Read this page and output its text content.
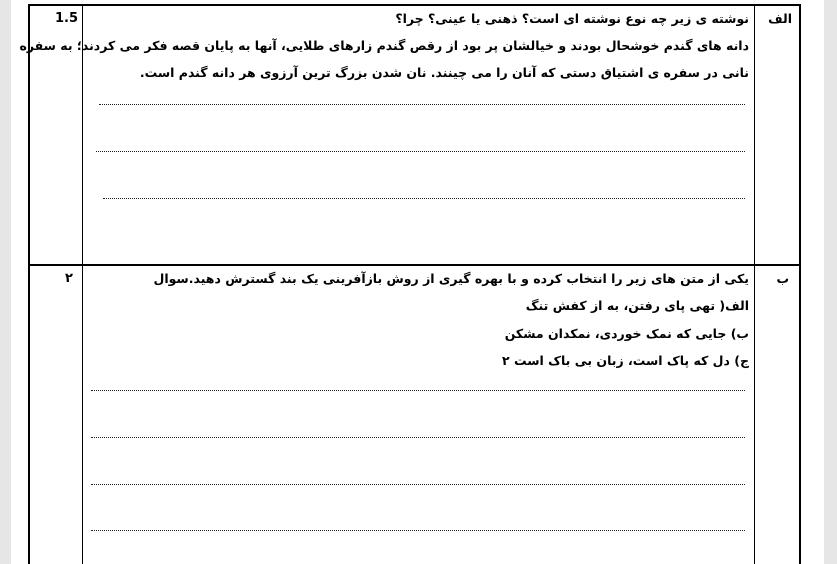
الف
1.5	نوشته ی زیر چه نوع نوشته ای است؟ ذهنی یا عینی؟ چرا؟
دانه های گندم خوشحال بودند و خیالشان پر بود از رقص گندم زارهای طلایی، آنها به پایان قصه فکر می کردند؛ به سفره
نانی در سفره ی اشتیاق دستی که آنان را می چینند. نان شدن بزرگ ترین آرزوی هر دانه گندم است.
ب
۲	یکی از متن های زیر را انتخاب کرده و با بهره گیری از روش بازآفرینی یک بند گسترش دهید.سوال
الف( تهی پای رفتن، به از کفش تنگ
ب) جایی که نمک خوردی، نمکدان مشکن
ج) دل که پاک است، زبان بی باک است ۲
